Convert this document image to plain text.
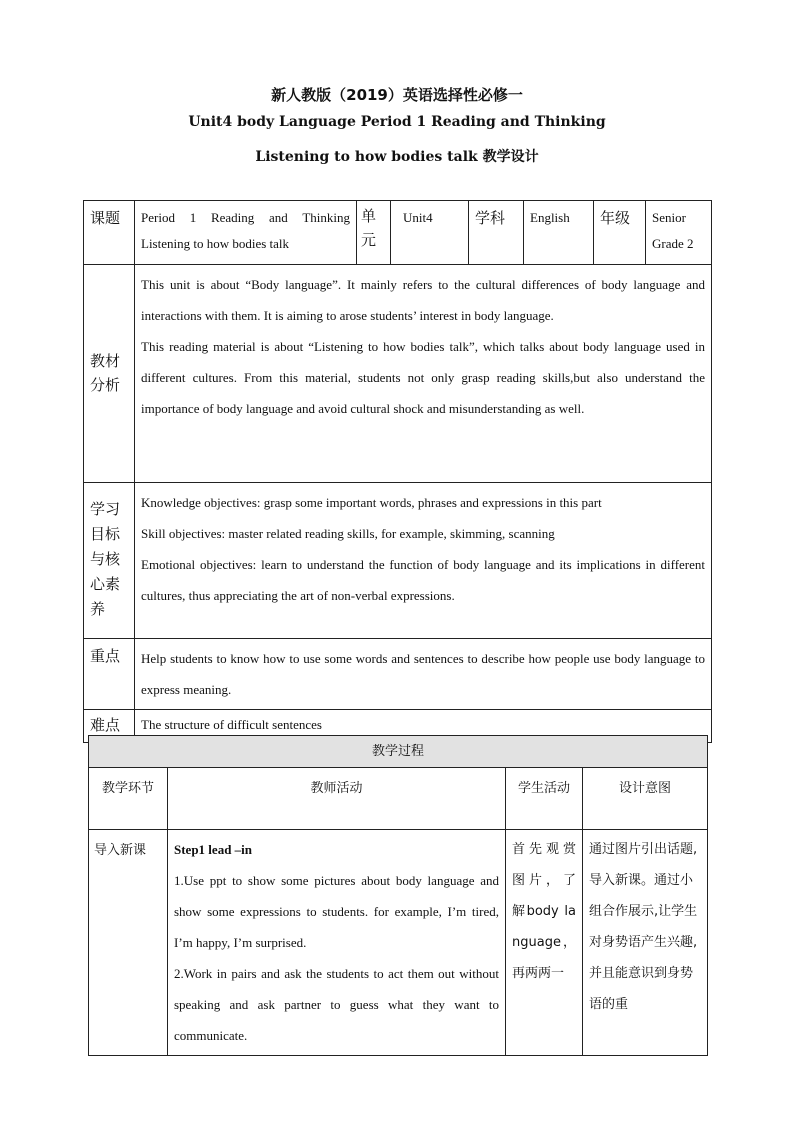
新人教版（2019）英语选择性必修一
Unit4 body Language Period 1 Reading and Thinking
Listening to how bodies talk 教学设计
课题	Period 1 Reading and Thinking Listening to how bodies talk	单元	Unit4	学科	English	年级	Senior Grade 2
教材分析	This unit is about “Body language”. It mainly refers to the cultural differences of body language and interactions with them. It is aiming to arose students’ interest in body language.

This reading material is about “Listening to how bodies talk”, which talks about body language used in different cultures. From this material, students not only grasp reading skills,but also understand the importance of body language and avoid cultural shock and misunderstanding as well.						

学习目标与核心素养	Knowledge objectives: grasp some important words, phrases and expressions in this part

Skill objectives: master related reading skills, for example, skimming, scanning

Emotional objectives: learn to understand the function of body language and its implications in different cultures, thus appreciating the art of non-verbal expressions.						

重点	Help students to know how to use some words and sentences to describe how people use body language to express meaning.						
难点	The structure of difficult sentences						
教学过程			
教学环节	教师活动	学生活动	设计意图
导入新课	Step1 lead –in

1.Use ppt to show some pictures about body language and show some expressions to students. for example, I’m tired, I’m happy, I’m surprised.

2.Work in pairs and ask the students to act them out without speaking and ask partner to guess what they want to communicate.	首先观赏图片，了解body language，再两两一	通过图片引出话题,导入新课。通过小组合作展示,让学生对身势语产生兴趣,并且能意识到身势语的重
